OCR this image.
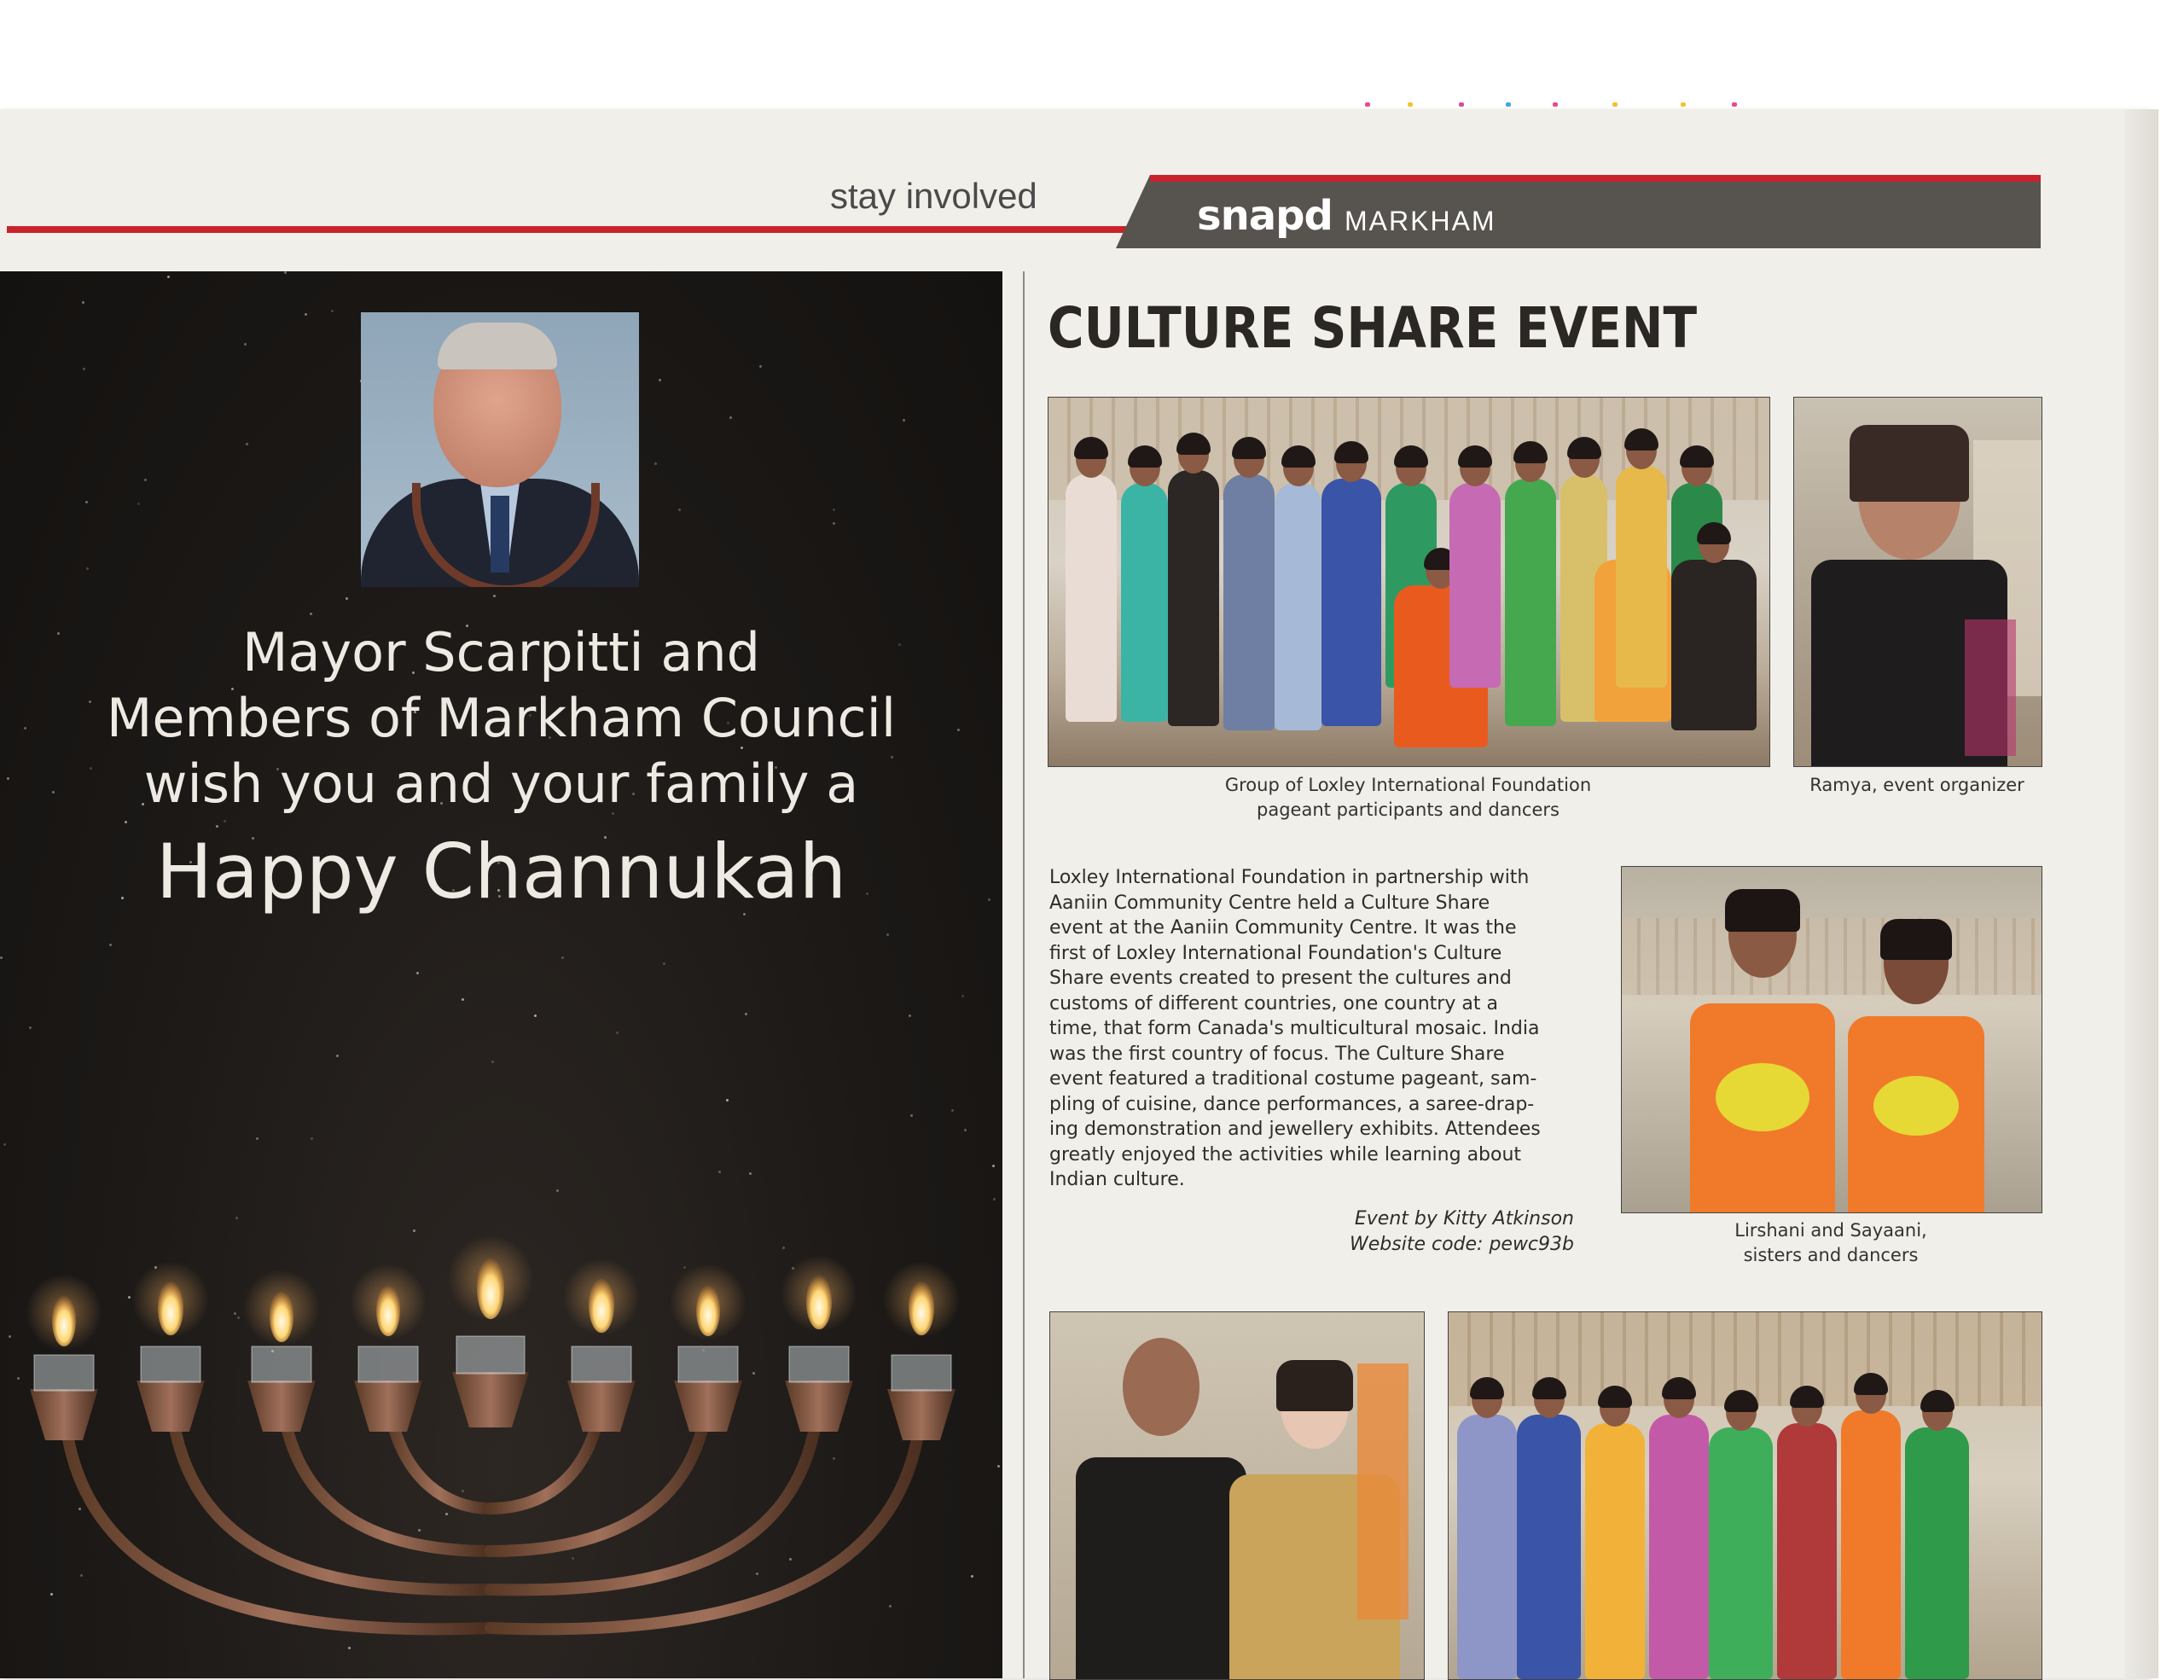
stay involved	snapd MARKHAM
Mayor Scarpitti and
Members of Markham Council
wish you and your family a
Happy Channukah
CULTURE SHARE EVENT
Group of Loxley International Foundation
pageant participants and dancers
Ramya, event organizer

Loxley International Foundation in partnership with

Aaniin Community Centre held a Culture Share

event at the Aaniin Community Centre. It was the

first of Loxley International Foundation's Culture

Share events created to present the cultures and

customs of different countries, one country at a

time, that form Canada's multicultural mosaic. India

was the first country of focus. The Culture Share

event featured a traditional costume pageant, sam-

pling of cuisine, dance performances, a saree-drap-

ing demonstration and jewellery exhibits. Attendees

greatly enjoyed the activities while learning about

Indian culture.

Event by Kitty Atkinson
Website code: pewc93b
Lirshani and Sayaani,
sisters and dancers
